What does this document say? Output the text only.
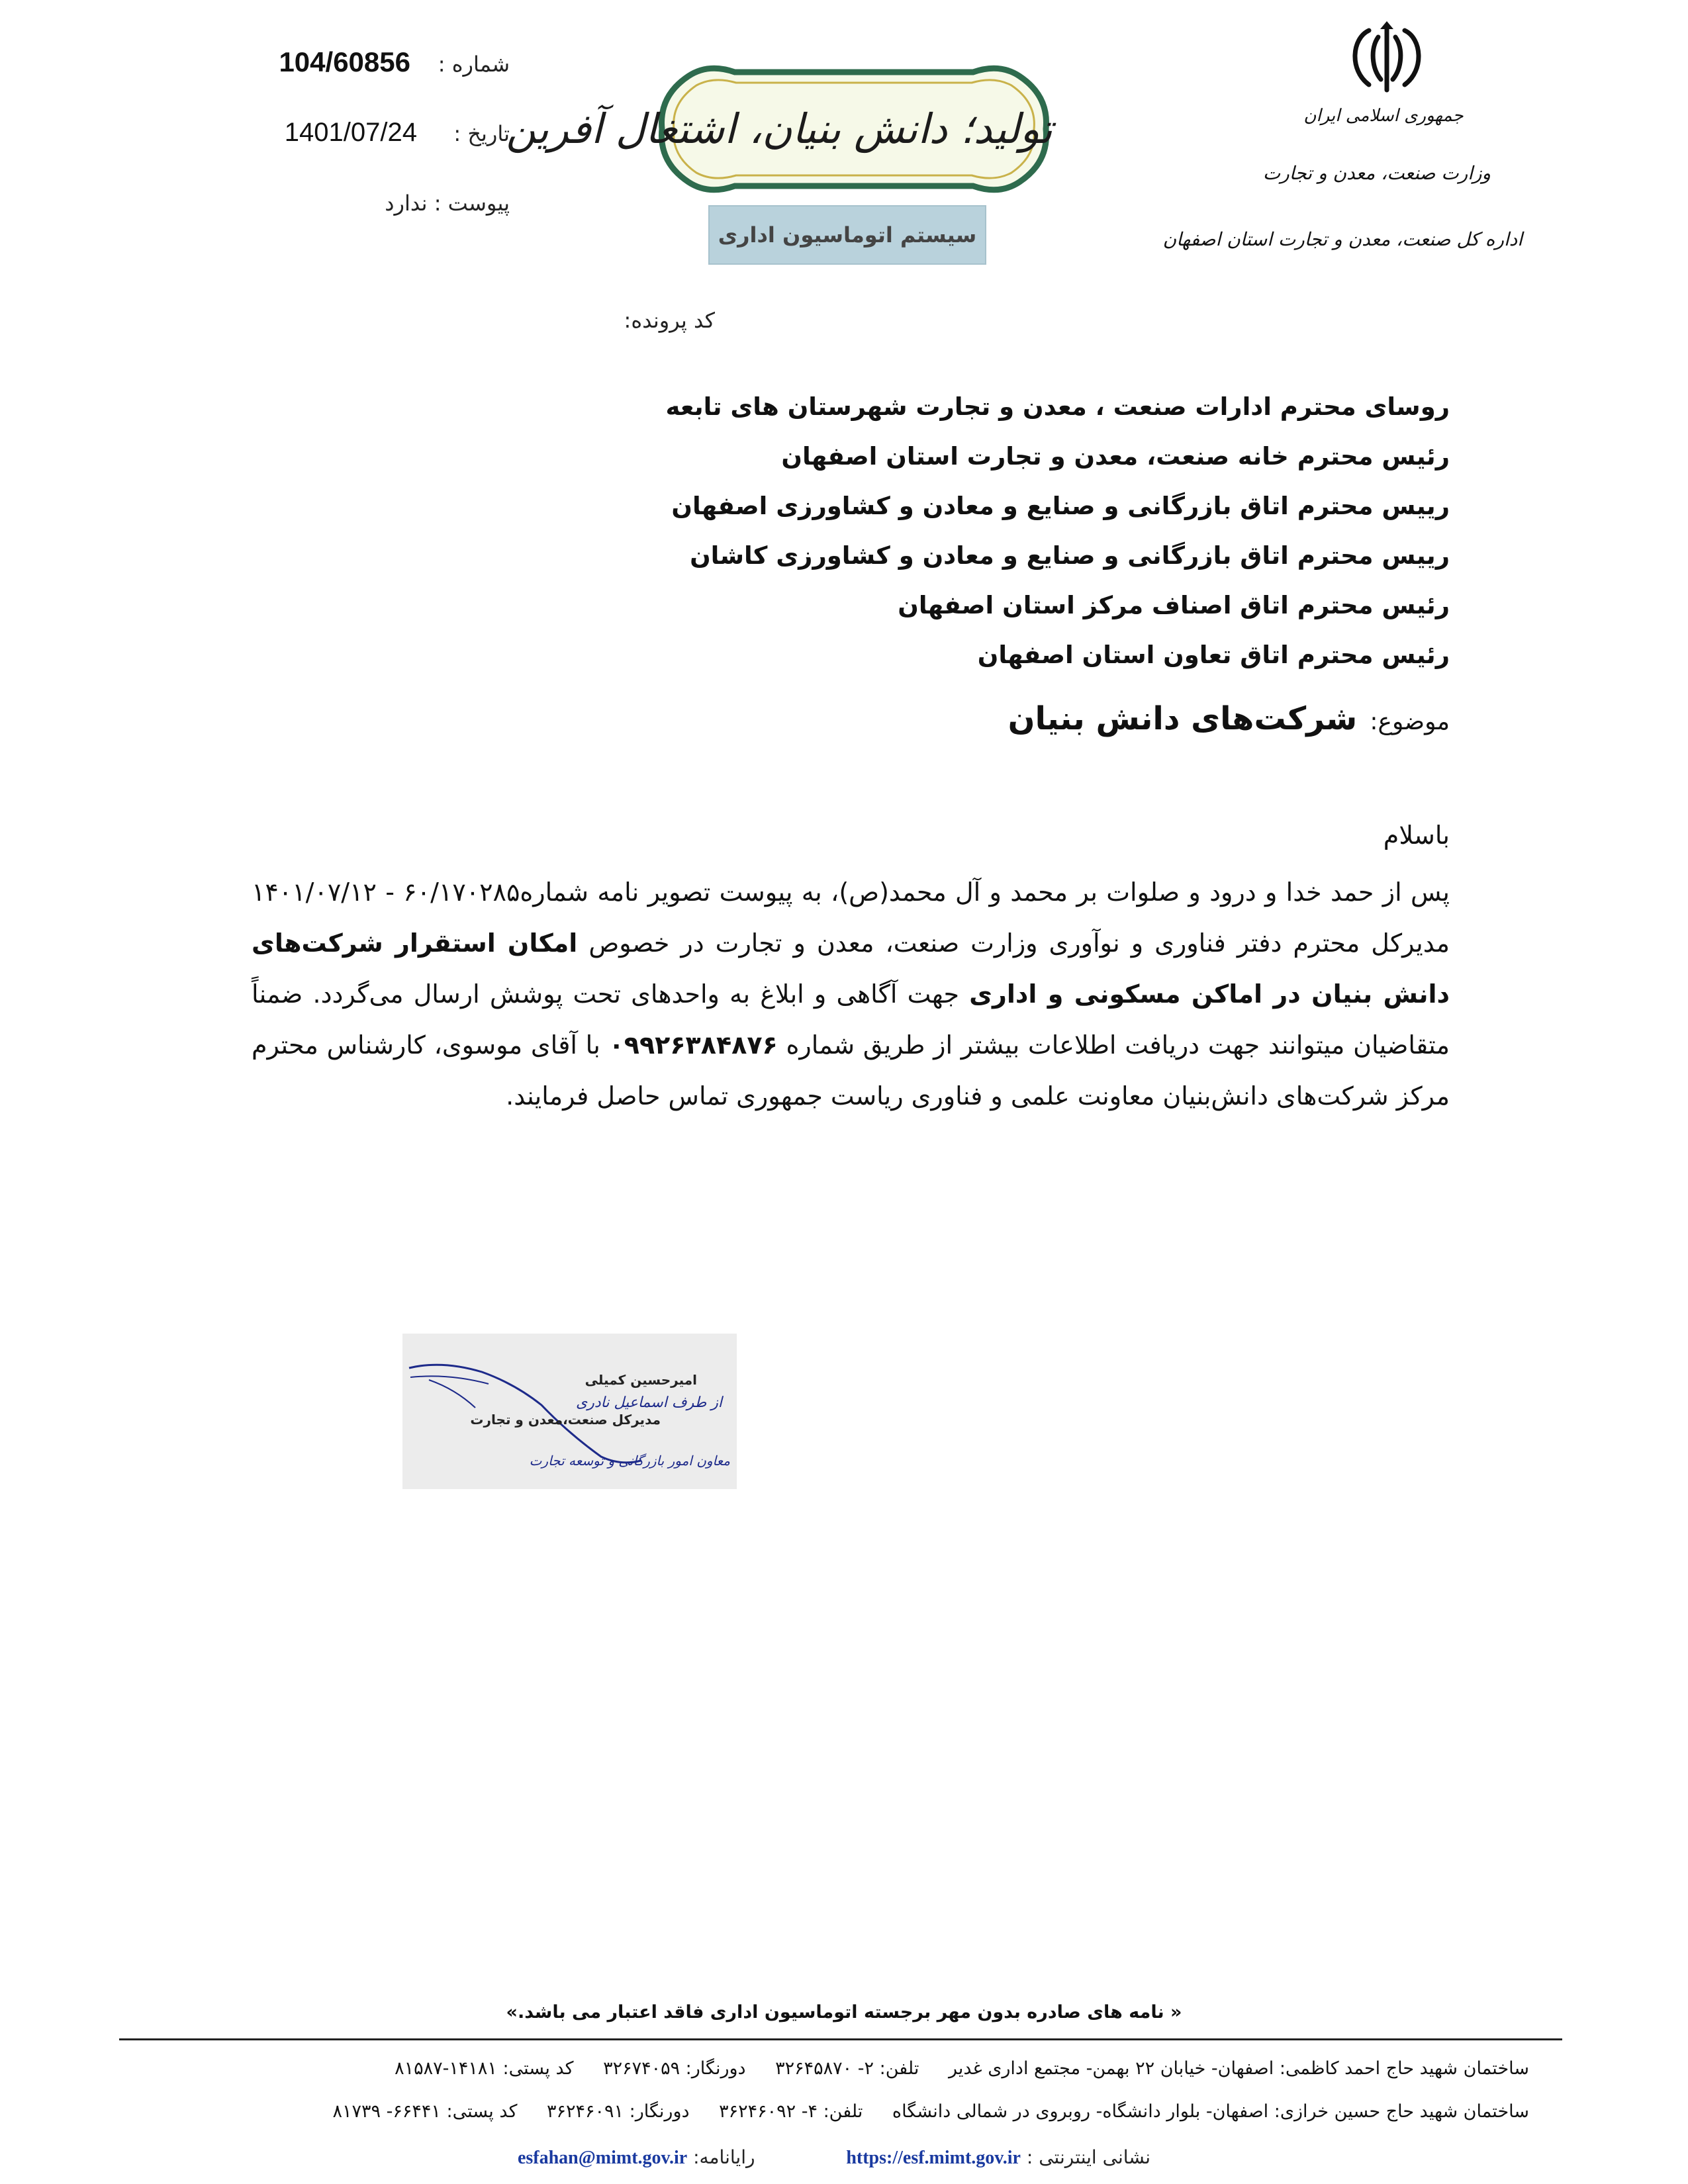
جمهوری اسلامی ایران
وزارت صنعت، معدن و تجارت
اداره کل صنعت، معدن و تجارت استان اصفهان
تولید؛ دانش بنیان، اشتغال آفرین
سیستم اتوماسیون اداری
شماره :
104/60856
تاریخ :
1401/07/24
پیوست : ندارد
کد پرونده:
روسای محترم ادارات صنعت ، معدن و تجارت شهرستان های تابعه
رئیس محترم خانه صنعت، معدن و تجارت استان اصفهان
رییس محترم اتاق بازرگانی و صنایع و معادن و کشاورزی اصفهان
رییس محترم اتاق بازرگانی و صنایع و معادن و کشاورزی کاشان
رئیس محترم اتاق اصناف مرکز استان اصفهان
رئیس محترم اتاق تعاون استان اصفهان
موضوع: شرکت‌های دانش بنیان
باسلام
پس از حمد خدا و درود و صلوات بر محمد و آل محمد(ص)، به پیوست تصویر نامه شماره۶۰/۱۷۰۲۸۵ - ۱۴۰۱/۰۷/۱۲ مدیرکل محترم دفتر فناوری و نوآوری وزارت صنعت، معدن و تجارت در خصوص امکان استقرار شرکت‌های دانش بنیان در اماکن مسکونی و اداری جهت آگاهی و ابلاغ به واحدهای تحت پوشش ارسال می‌گردد. ضمناً متقاضیان میتوانند جهت دریافت اطلاعات بیشتر از طریق شماره ۰۹۹۲۶۳۸۴۸۷۶ با آقای موسوی، کارشناس محترم مرکز شرکت‌های دانش‌بنیان معاونت علمی و فناوری ریاست جمهوری تماس حاصل فرمایند.
امیرحسین کمیلی
از طرف اسماعیل نادری
مدیرکل صنعت،معدن و تجارت
معاون امور بازرگانی و توسعه تجارت
« نامه های صادره بدون مهر برجسته اتوماسیون اداری فاقد اعتبار می باشد.»
ساختمان شهید حاج احمد کاظمی: اصفهان- خیابان ۲۲ بهمن- مجتمع اداری غدیر تلفن: ۲- ۳۲۶۴۵۸۷۰ دورنگار: ۳۲۶۷۴۰۵۹ کد پستی: ۱۴۱۸۱-۸۱۵۸۷
ساختمان شهید حاج حسین خرازی: اصفهان- بلوار دانشگاه- روبروی در شمالی دانشگاه تلفن: ۴- ۳۶۲۴۶۰۹۲ دورنگار: ۳۶۲۴۶۰۹۱ کد پستی: ۶۶۴۴۱- ۸۱۷۳۹
نشانی اینترنتی : https://esf.mimt.gov.ir  رایانامه: esfahan@mimt.gov.ir
